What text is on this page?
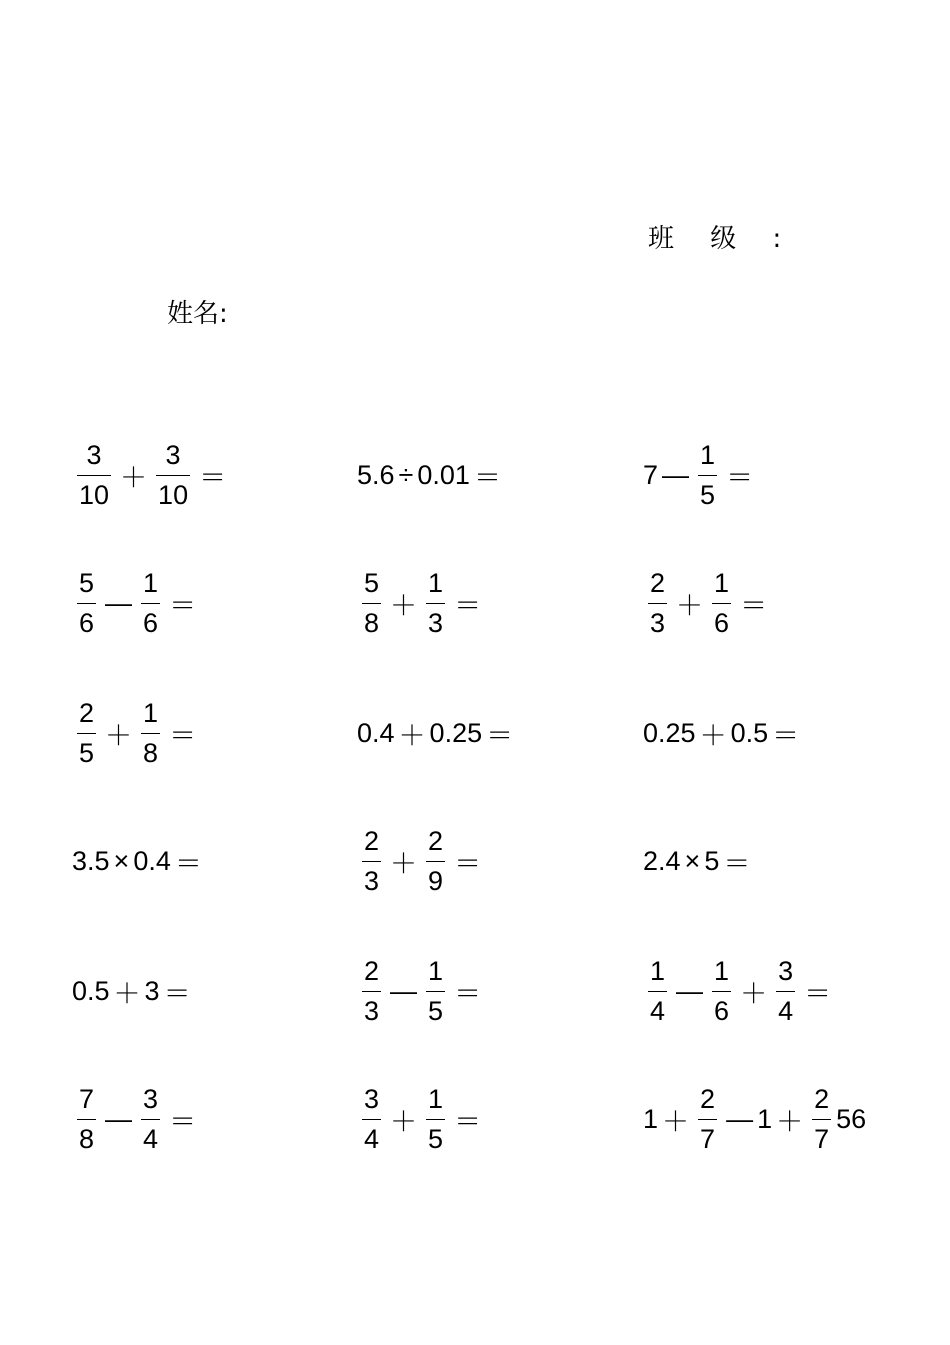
班 级 :
姓名:
$\frac{3}{10} + \frac{3}{10}$ ＝	5.6 ÷ 0.01 ＝	7 — $\frac{1}{5}$ ＝
$\frac{5}{6}$ — $\frac{1}{6}$ ＝	$\frac{5}{8} + \frac{1}{3}$ ＝	$\frac{2}{3} + \frac{1}{6}$ ＝
$\frac{2}{5} + \frac{1}{8}$ ＝	0.4 ＋ 0.25 ＝	0.25 ＋ 0.5 ＝
3.5 × 0.4 ＝	$\frac{2}{3} + \frac{2}{9}$ ＝	2.4 × 5 ＝
0.5 ＋ 3 ＝	$\frac{2}{3}$ — $\frac{1}{5}$ ＝	$\frac{1}{4}$ — $\frac{1}{6} + \frac{3}{4}$ ＝
$\frac{7}{8}$ — $\frac{3}{4}$ ＝	$\frac{3}{4} + \frac{1}{5}$ ＝	$1 + \frac{2}{7}$ — $1 + \frac{2}{7} 56$
